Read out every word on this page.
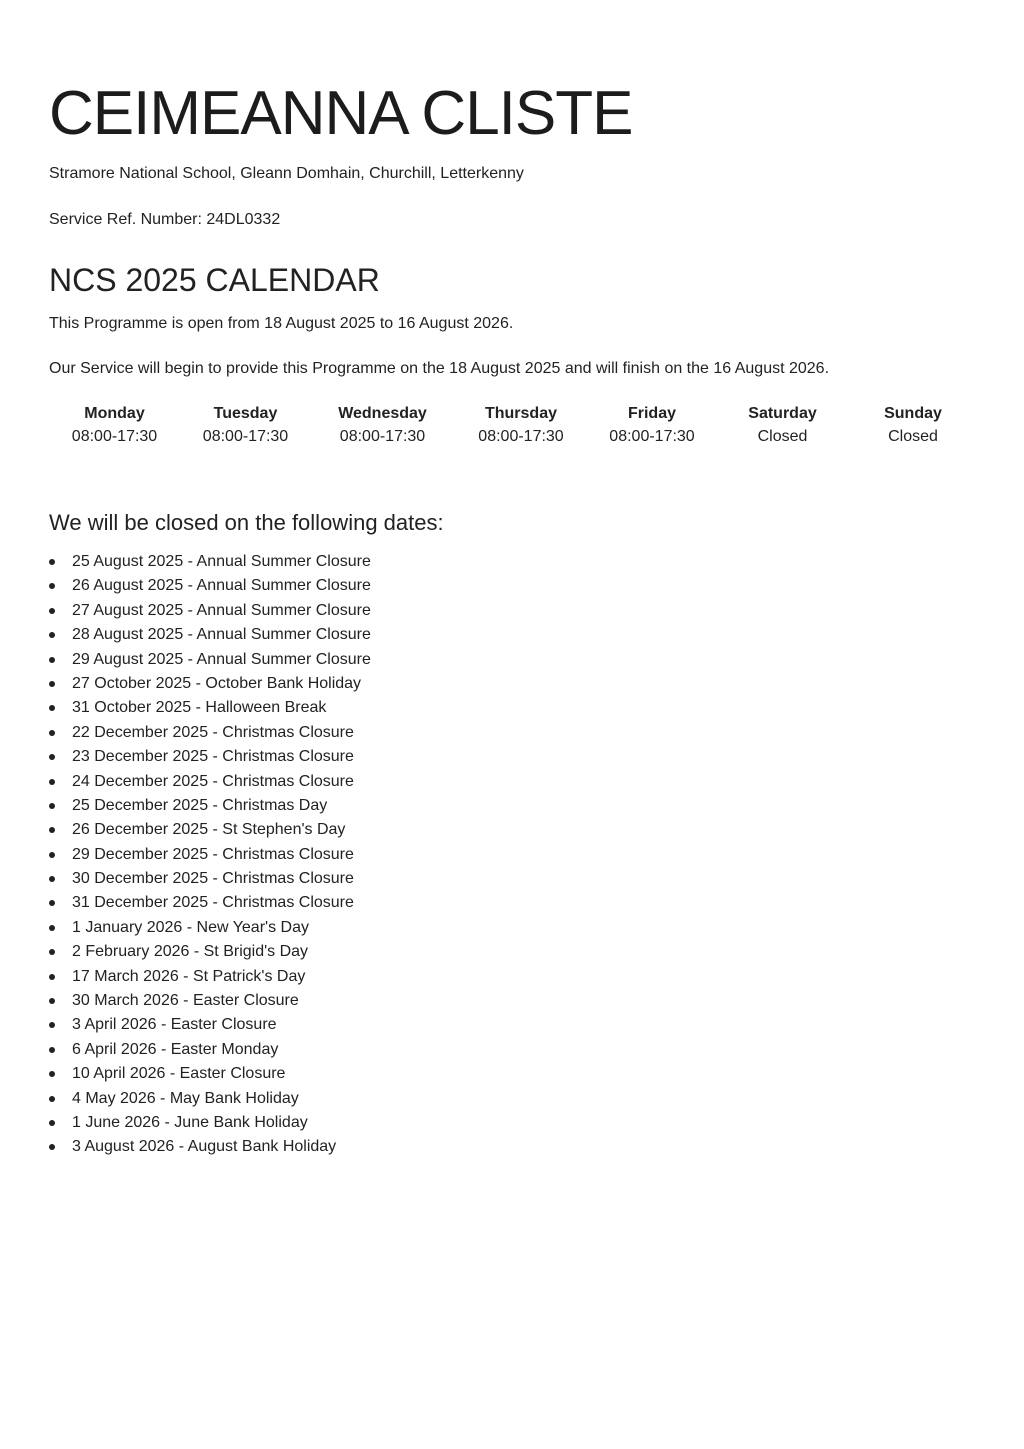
CEIMEANNA CLISTE
Stramore National School, Gleann Domhain, Churchill, Letterkenny
Service Ref. Number: 24DL0332
NCS 2025 CALENDAR
This Programme is open from 18 August 2025 to 16 August 2026.
Our Service will begin to provide this Programme on the 18 August 2025 and will finish on the 16 August 2026.
Monday	Tuesday	Wednesday	Thursday	Friday	Saturday	Sunday
08:00-17:30	08:00-17:30	08:00-17:30	08:00-17:30	08:00-17:30	Closed	Closed
We will be closed on the following dates:
25 August 2025 - Annual Summer Closure
26 August 2025 - Annual Summer Closure
27 August 2025 - Annual Summer Closure
28 August 2025 - Annual Summer Closure
29 August 2025 - Annual Summer Closure
27 October 2025 - October Bank Holiday
31 October 2025 - Halloween Break
22 December 2025 - Christmas Closure
23 December 2025 - Christmas Closure
24 December 2025 - Christmas Closure
25 December 2025 - Christmas Day
26 December 2025 - St Stephen's Day
29 December 2025 - Christmas Closure
30 December 2025 - Christmas Closure
31 December 2025 - Christmas Closure
1 January 2026 - New Year's Day
2 February 2026 - St Brigid's Day
17 March 2026 - St Patrick's Day
30 March 2026 - Easter Closure
3 April 2026 - Easter Closure
6 April 2026 - Easter Monday
10 April 2026 - Easter Closure
4 May 2026 - May Bank Holiday
1 June 2026 - June Bank Holiday
3 August 2026 - August Bank Holiday
